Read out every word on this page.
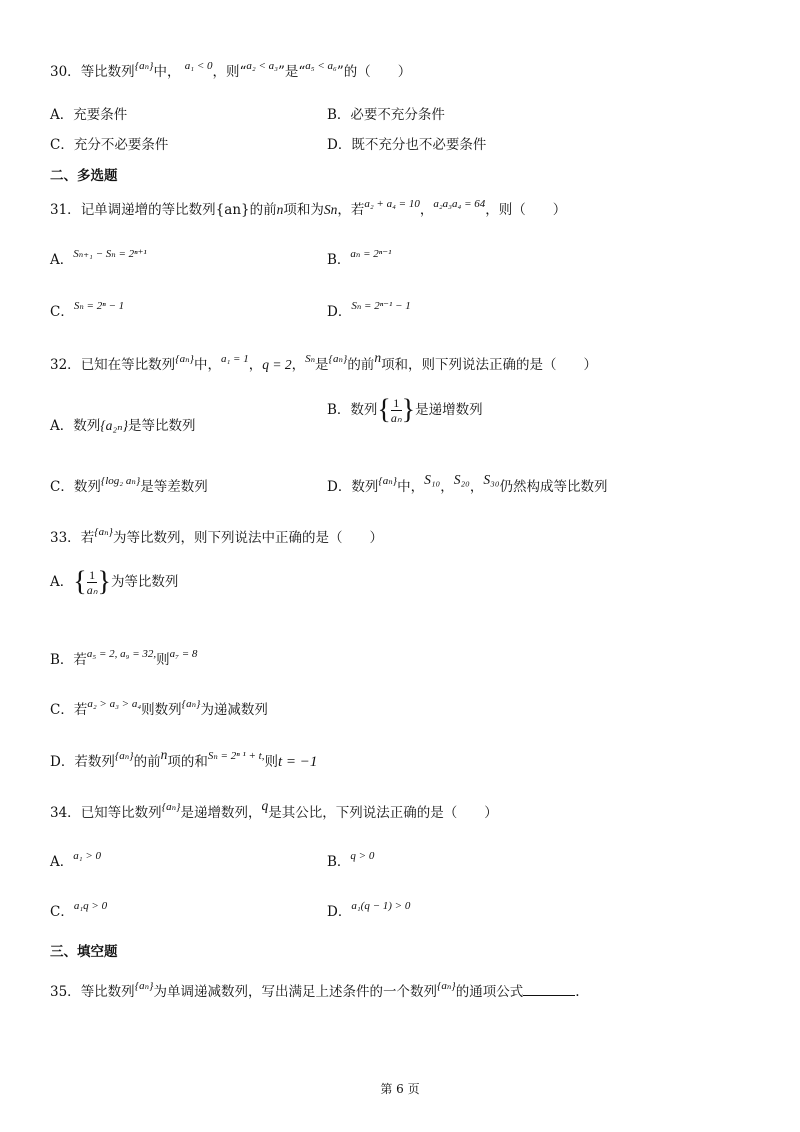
30．等比数列$^{\{a_n\}}$中， $^{a_1 < 0}$，则“$^{a_2 < a_3}$”是“$^{a_5 < a_6}$”的（　　）
A．充要条件	B．必要不充分条件
C．充分不必要条件	D．既不充分也不必要条件
二、多选题
31．记单调递增的等比数列{an}的前n项和为Sn，若$^{a_2 + a_4 = 10}$，$^{a_2a_3a_4 = 64}$，则（　　）
A．$^{S_{n+1} - S_n = 2^{n+1}}$	B．$^{a_n = 2^{n-1}}$
C．$^{S_n = 2^n - 1}$	D．$^{S_n = 2^{n-1} - 1}$
32．已知在等比数列$^{\{a_n\}}$中，$^{a_1 = 1}$，q = 2，$^{S_n}$是$^{\{a_n\}}$的前n项和，则下列说法正确的是（　　）
A．数列{a₂ₙ}是等比数列
B．数列{ $\frac{1}{\text{aₙ}}$ }是递增数列
C．数列$^{\{log_2 a_n\}}$是等差数列	D．数列$^{\{a_n\}}$中，S₁₀，S₂₀，S₃₀仍然构成等比数列
33．若$^{\{a_n\}}$为等比数列，则下列说法中正确的是（　　）
A．{ $\frac{1}{\text{aₙ}}$ }为等比数列
B．若$^{a_5 = 2, a_9 = 32,}$则$^{a_7 = 8}$
C．若$^{a_2 > a_3 > a_4}$则数列$^{\{a_n\}}$为递减数列
D．若数列$^{\{a_n\}}$的前n项的和$^{S_n = 2^n ^1 + t,}$则t = −1
34．已知等比数列$^{\{a_n\}}$是递增数列，q是其公比，下列说法正确的是（　　）
A．$^{a_1 > 0}$	B．$^{q > 0}$
C．$^{a_1q > 0}$	D．$^{a_1(q - 1) > 0}$
三、填空题
35．等比数列$^{\{a_n\}}$为单调递减数列，写出满足上述条件的一个数列$^{\{a_n\}}$的通项公式	.
第 6 页
